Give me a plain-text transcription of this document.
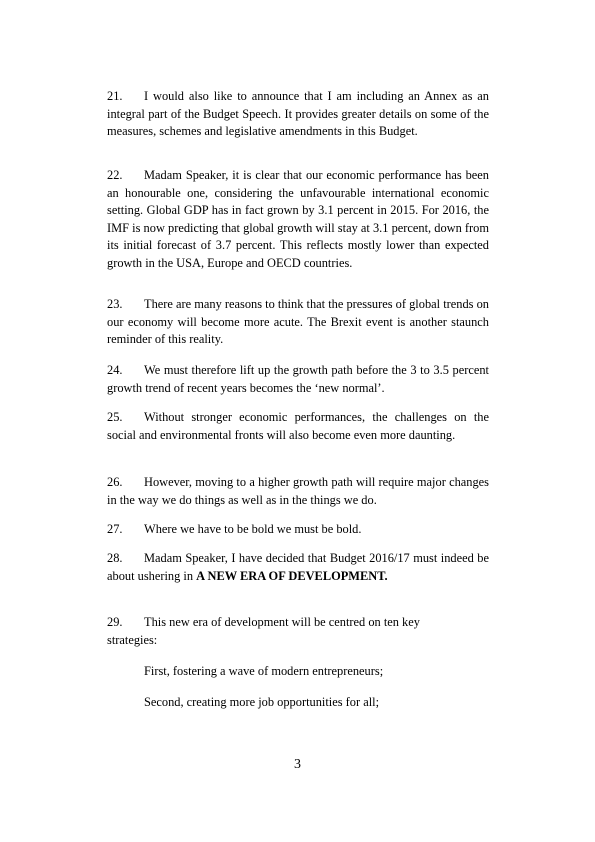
21. I would also like to announce that I am including an Annex as an integral part of the Budget Speech. It provides greater details on some of the measures, schemes and legislative amendments in this Budget.

22. Madam Speaker, it is clear that our economic performance has been an honourable one, considering the unfavourable international economic setting. Global GDP has in fact grown by 3.1 percent in 2015. For 2016, the IMF is now predicting that global growth will stay at 3.1 percent, down from its initial forecast of 3.7 percent. This reflects mostly lower than expected growth in the USA, Europe and OECD countries.

23. There are many reasons to think that the pressures of global trends on our economy will become more acute. The Brexit event is another staunch reminder of this reality.

24. We must therefore lift up the growth path before the 3 to 3.5 percent growth trend of recent years becomes the ‘new normal’.

25. Without stronger economic performances, the challenges on the social and environmental fronts will also become even more daunting.

26. However, moving to a higher growth path will require major changes in the way we do things as well as in the things we do.

27. Where we have to be bold we must be bold.

28. Madam Speaker, I have decided that Budget 2016/17 must indeed be about ushering in A NEW ERA OF DEVELOPMENT.

29. This new era of development will be centred on ten key strategies:

First, fostering a wave of modern entrepreneurs;

Second, creating more job opportunities for all;

3
